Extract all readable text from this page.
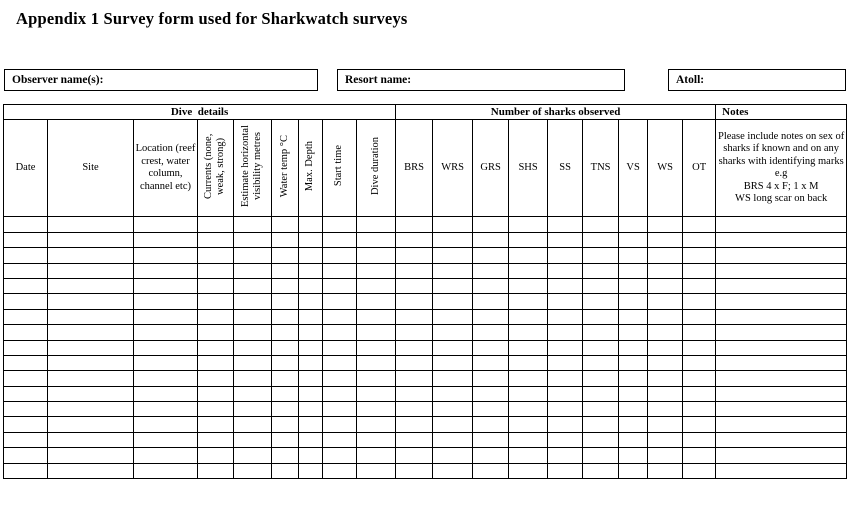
Appendix 1 Survey form used for Sharkwatch surveys
Observer name(s):	Resort name:	Atoll:
Dive  details									Number of sharks observed									Notes
Date	Site	Location (reef crest, water column, channel etc)	Currents (none, weak, strong)	Estimate horizontal visibility metres	Water temp °C	Max. Depth	Start time	Dive duration	BRS	WRS	GRS	SHS	SS	TNS	VS	WS	OT	Please include notes on sex of sharks if known and on any sharks with identifying marks e.g
BRS 4 x F; 1 x M
WS long scar on back
